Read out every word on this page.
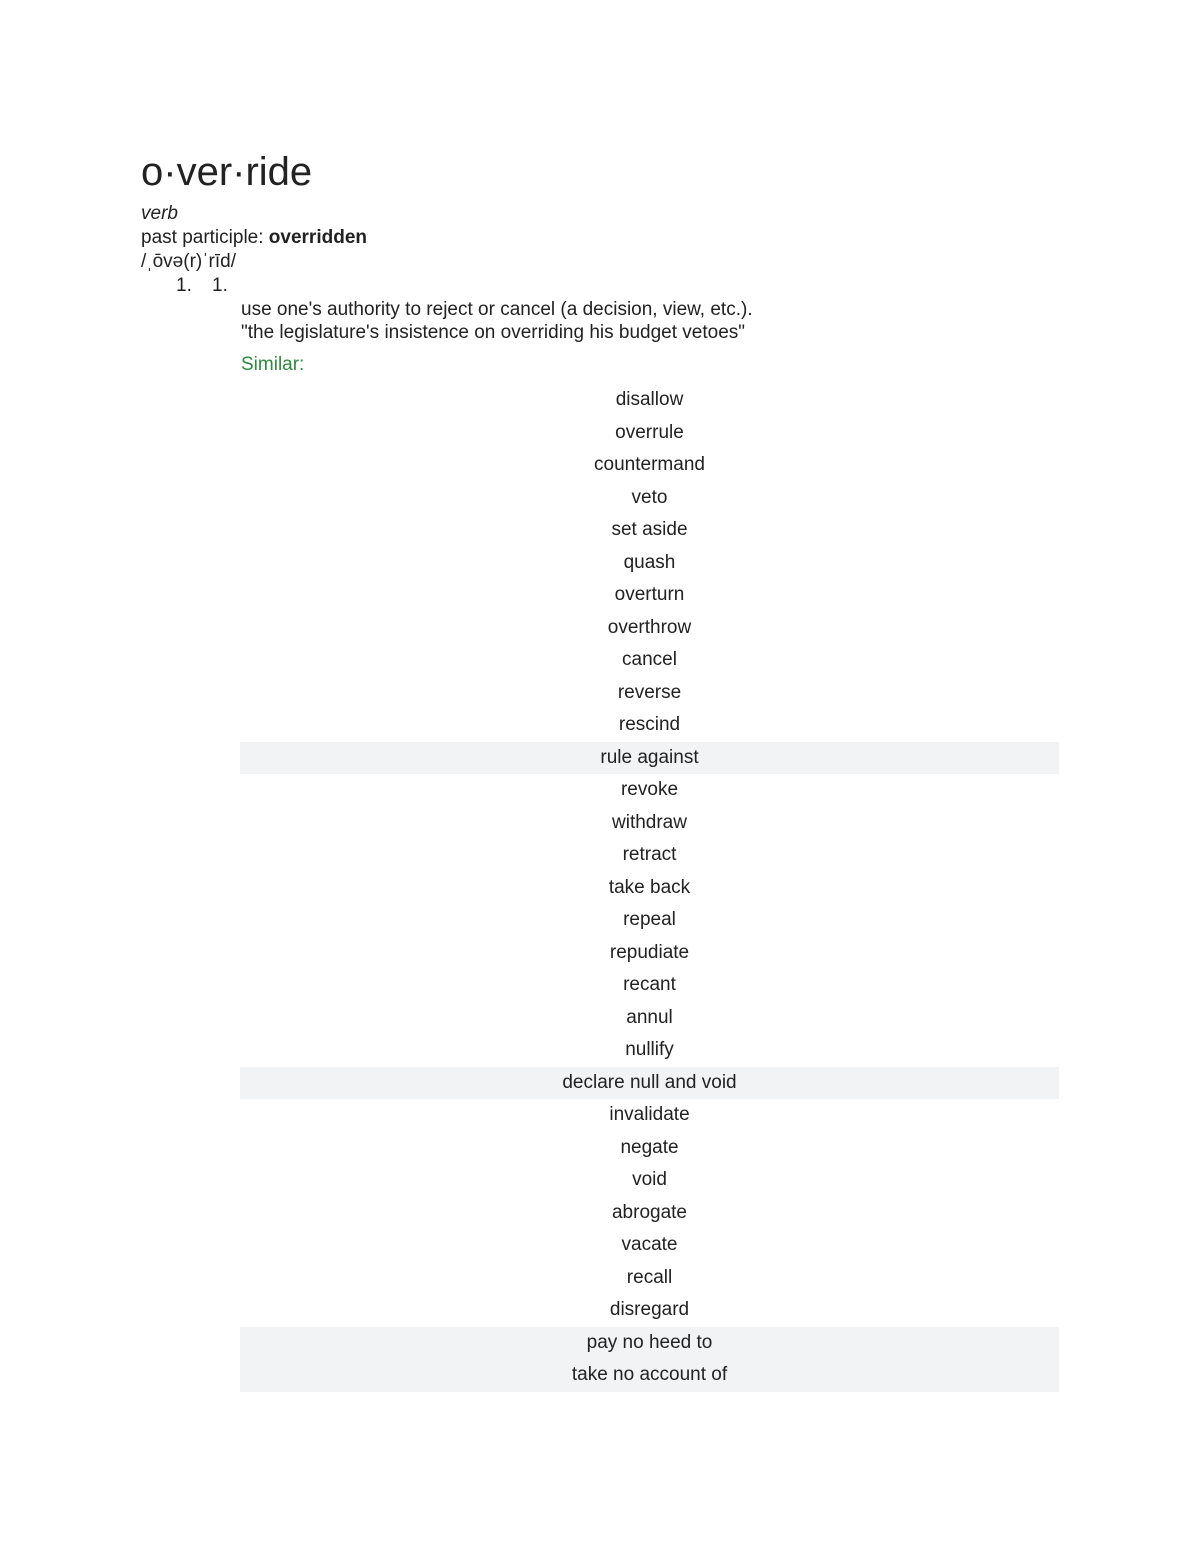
o·ver·ride
verb
past participle: overridden
/ˌōvə(r)ˈrīd/
1. 1.
use one's authority to reject or cancel (a decision, view, etc.).
"the legislature's insistence on overriding his budget vetoes"
Similar:
disallow
overrule
countermand
veto
set aside
quash
overturn
overthrow
cancel
reverse
rescind
rule against
revoke
withdraw
retract
take back
repeal
repudiate
recant
annul
nullify
declare null and void
invalidate
negate
void
abrogate
vacate
recall
disregard
pay no heed to
take no account of
